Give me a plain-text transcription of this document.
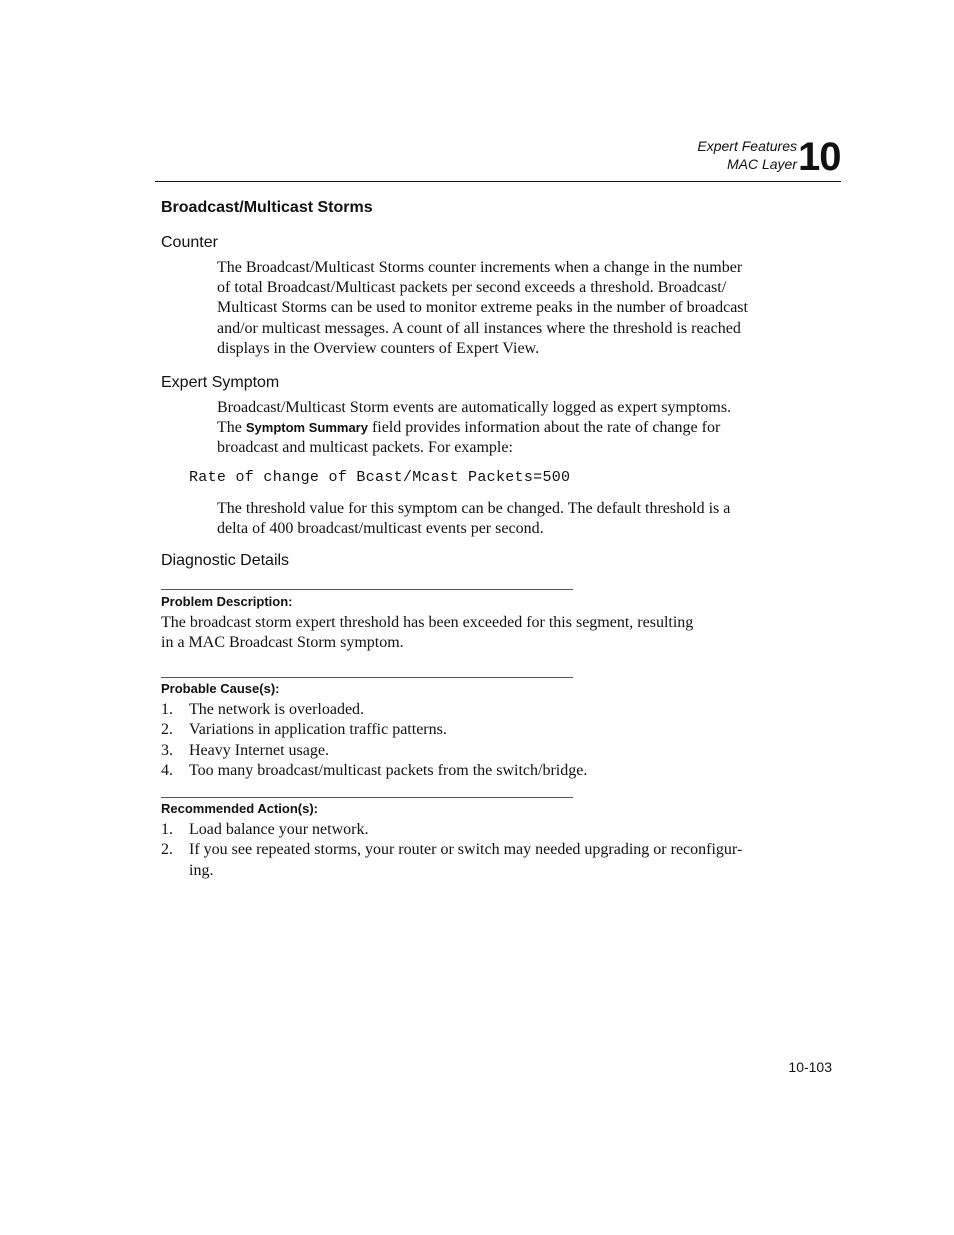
Expert Features
MAC Layer 10
Broadcast/Multicast Storms
Counter
The Broadcast/Multicast Storms counter increments when a change in the number
of total Broadcast/Multicast packets per second exceeds a threshold. Broadcast/
Multicast Storms can be used to monitor extreme peaks in the number of broadcast
and/or multicast messages. A count of all instances where the threshold is reached
displays in the Overview counters of Expert View.
Expert Symptom
Broadcast/Multicast Storm events are automatically logged as expert symptoms.
The Symptom Summary field provides information about the rate of change for
broadcast and multicast packets. For example:
Rate of change of Bcast/Mcast Packets=500
The threshold value for this symptom can be changed. The default threshold is a
delta of 400 broadcast/multicast events per second.
Diagnostic Details
Problem Description:
The broadcast storm expert threshold has been exceeded for this segment, resulting
in a MAC Broadcast Storm symptom.
Probable Cause(s):
1. The network is overloaded.
2. Variations in application traffic patterns.
3. Heavy Internet usage.
4. Too many broadcast/multicast packets from the switch/bridge.
Recommended Action(s):
1. Load balance your network.
2. If you see repeated storms, your router or switch may needed upgrading or reconfigur-
ing.
10-103
